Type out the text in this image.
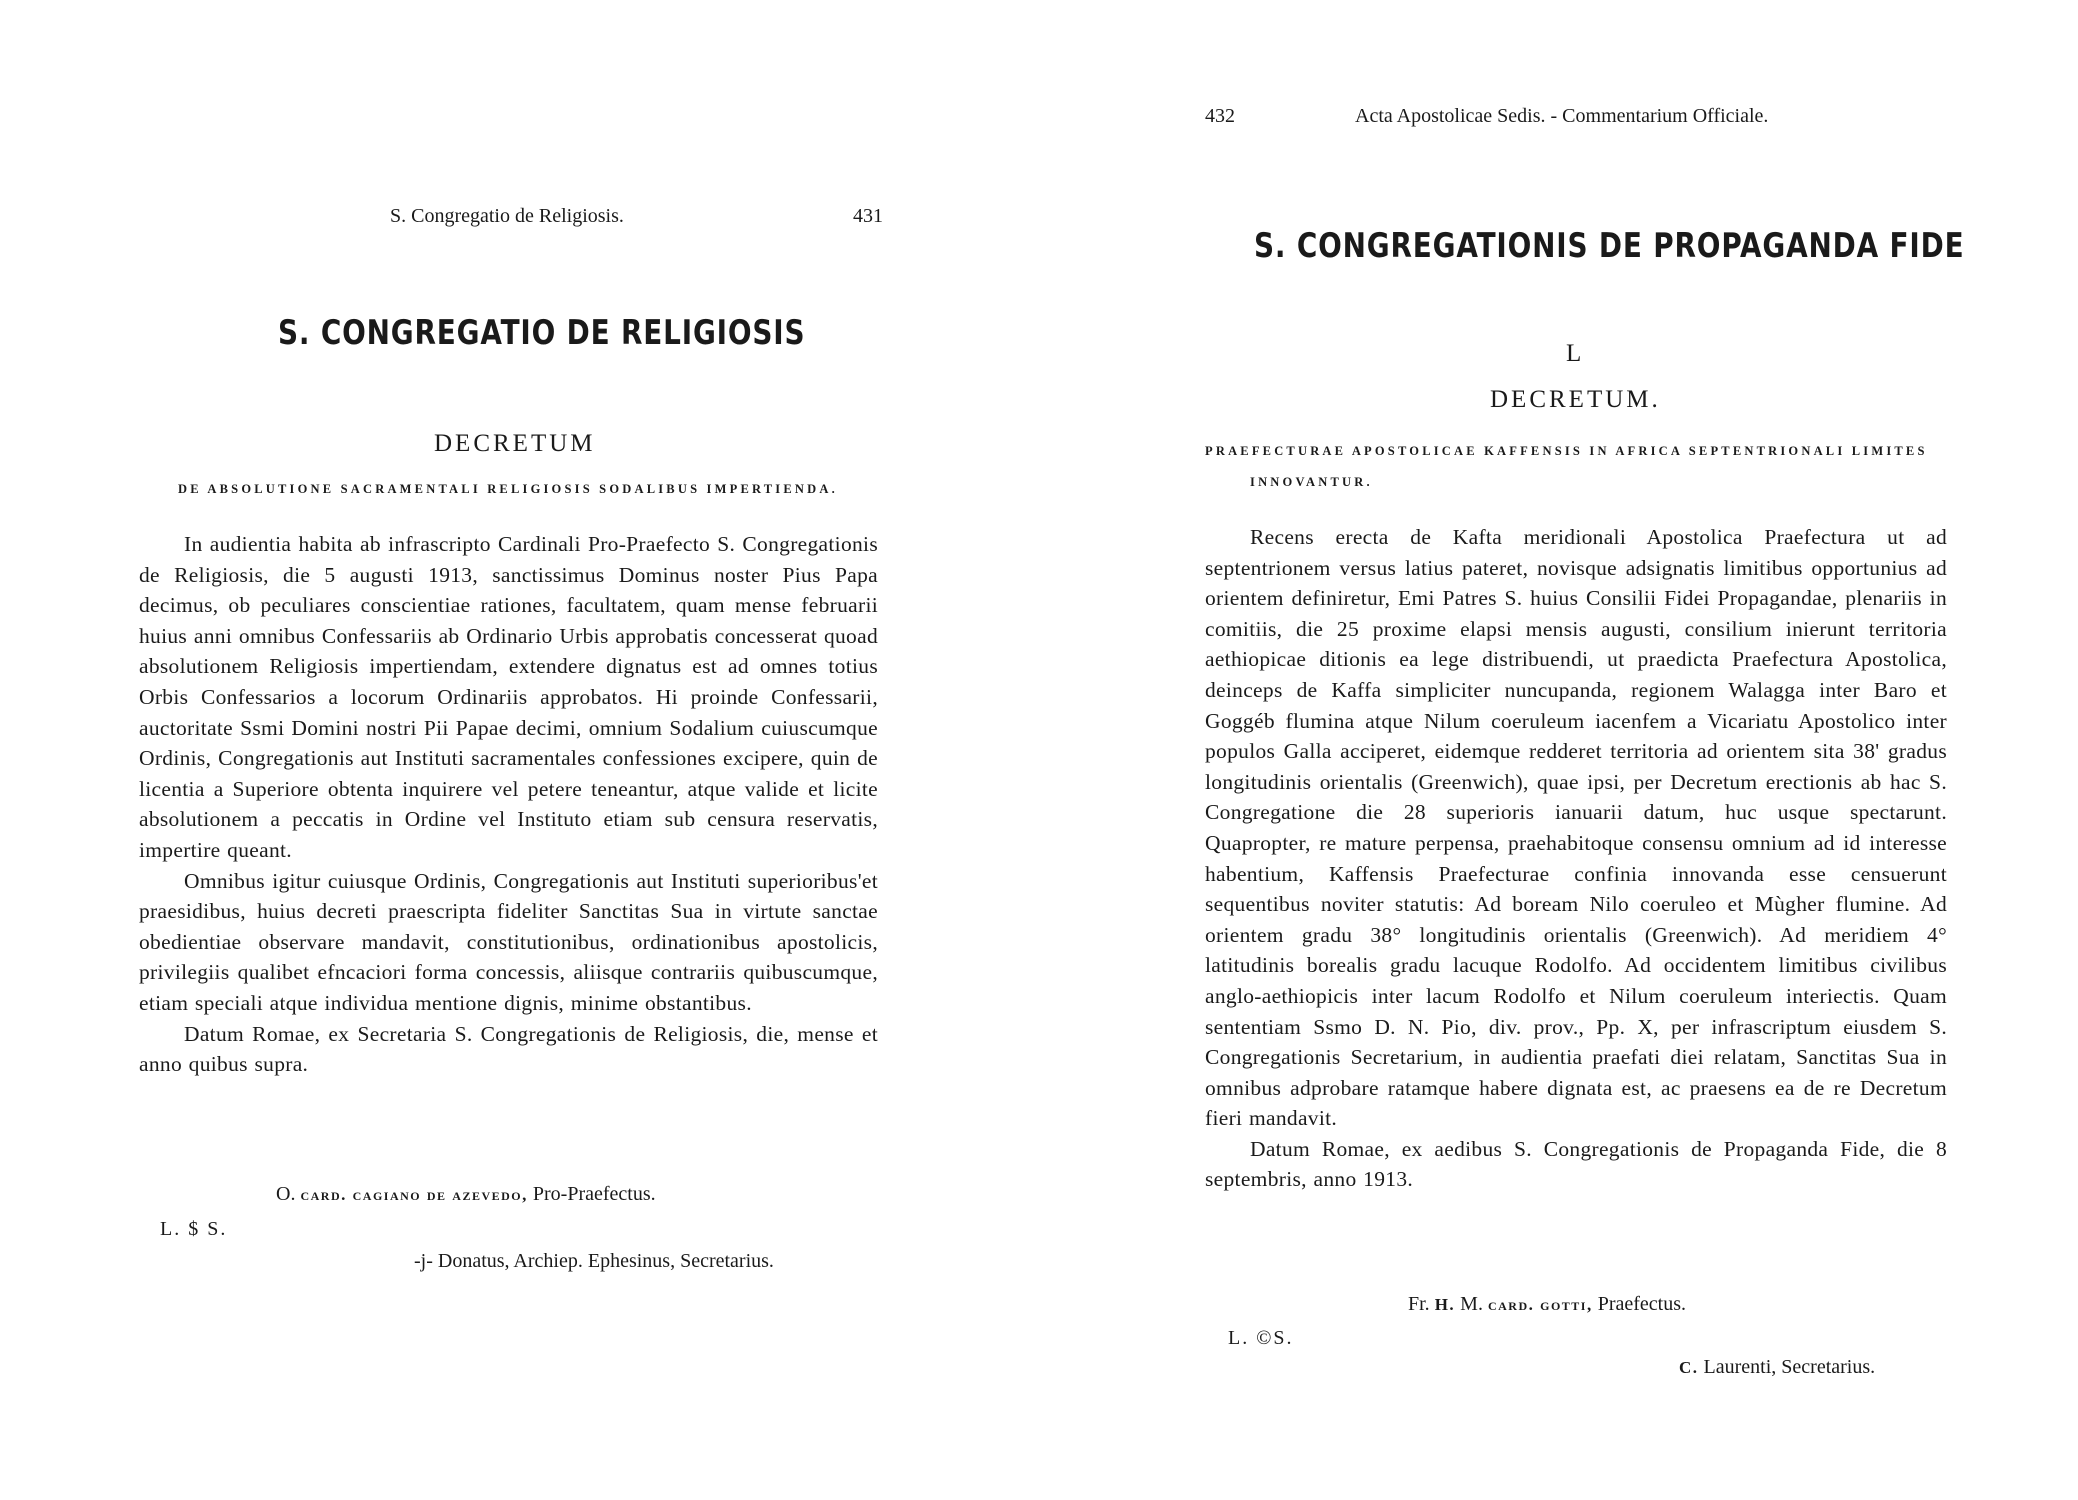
S. Congregatio de Religiosis.	431
S. CONGREGATIO DE RELIGIOSIS
DECRETUM
DE ABSOLUTIONE SACRAMENTALI RELIGIOSIS SODALIBUS IMPERTIENDA.

In audientia habita ab infrascripto Cardinali Pro-Praefecto S. Congregationis de Religiosis, die 5 augusti 1913, sanctissimus Dominus noster Pius Papa decimus, ob peculiares conscientiae rationes, facultatem, quam mense februarii huius anni omnibus Confessariis ab Ordinario Urbis approbatis concesserat quoad absolutionem Religiosis impertiendam, extendere dignatus est ad omnes totius Orbis Confessarios a locorum Ordinariis approbatos. Hi proinde Confessarii, auctoritate Ssmi Domini nostri Pii Papae decimi, omnium Sodalium cuiuscumque Ordinis, Congregationis aut Instituti sacramentales confessiones excipere, quin de licentia a Superiore obtenta inquirere vel petere teneantur, atque valide et licite absolutionem a peccatis in Ordine vel Instituto etiam sub censura reservatis, impertire queant.

Omnibus igitur cuiusque Ordinis, Congregationis aut Instituti superioribus'et praesidibus, huius decreti praescripta fideliter Sanctitas Sua in virtute sanctae obedientiae observare mandavit, constitutionibus, ordinationibus apostolicis, privilegiis qualibet efncaciori forma concessis, aliisque contrariis quibuscumque, etiam speciali atque individua mentione dignis, minime obstantibus.

Datum Romae, ex Secretaria S. Congregationis de Religiosis, die, mense et anno quibus supra.

O. card. cagiano de azevedo, Pro-Praefectus.
L. $ S.
-j- Donatus, Archiep. Ephesinus, Secretarius.
432	Acta Apostolicae Sedis. - Commentarium Officiale.
S. CONGREGATIONIS DE PROPAGANDA FIDE
L
DECRETUM.
PRAEFECTURAE APOSTOLICAE KAFFENSIS IN AFRICA SEPTENTRIONALI LIMITES
INNOVANTUR.

Recens erecta de Kafta meridionali Apostolica Praefectura ut ad septentrionem versus latius pateret, novisque adsignatis limitibus opportunius ad orientem definiretur, Emi Patres S. huius Consilii Fidei Propagandae, plenariis in comitiis, die 25 proxime elapsi mensis augusti, consilium inierunt territoria aethiopicae ditionis ea lege distribuendi, ut praedicta Praefectura Apostolica, deinceps de Kaffa simpliciter nuncupanda, regionem Walagga inter Baro et Goggéb flumina atque Nilum coeruleum iacenfem a Vicariatu Apostolico inter populos Galla acciperet, eidemque redderet territoria ad orientem sita 38' gradus longitudinis orientalis (Greenwich), quae ipsi, per Decretum erectionis ab hac S. Congregatione die 28 superioris ianuarii datum, huc usque spectarunt. Quapropter, re mature perpensa, praehabitoque consensu omnium ad id interesse habentium, Kaffensis Praefecturae confinia innovanda esse censuerunt sequentibus noviter statutis: Ad boream Nilo coeruleo et Mùgher flumine. Ad orientem gradu 38° longitudinis orientalis (Greenwich). Ad meridiem 4° latitudinis borealis gradu lacuque Rodolfo. Ad occidentem limitibus civilibus anglo-aethiopicis inter lacum Rodolfo et Nilum coeruleum interiectis. Quam sententiam Ssmo D. N. Pio, div. prov., Pp. X, per infrascriptum eiusdem S. Congregationis Secretarium, in audientia praefati diei relatam, Sanctitas Sua in omnibus adprobare ratamque habere dignata est, ac praesens ea de re Decretum fieri mandavit.

Datum Romae, ex aedibus S. Congregationis de Propaganda Fide, die 8 septembris, anno 1913.

Fr. H. M. card. gotti, Praefectus.
L. ©S.
C. Laurenti, Secretarius.
